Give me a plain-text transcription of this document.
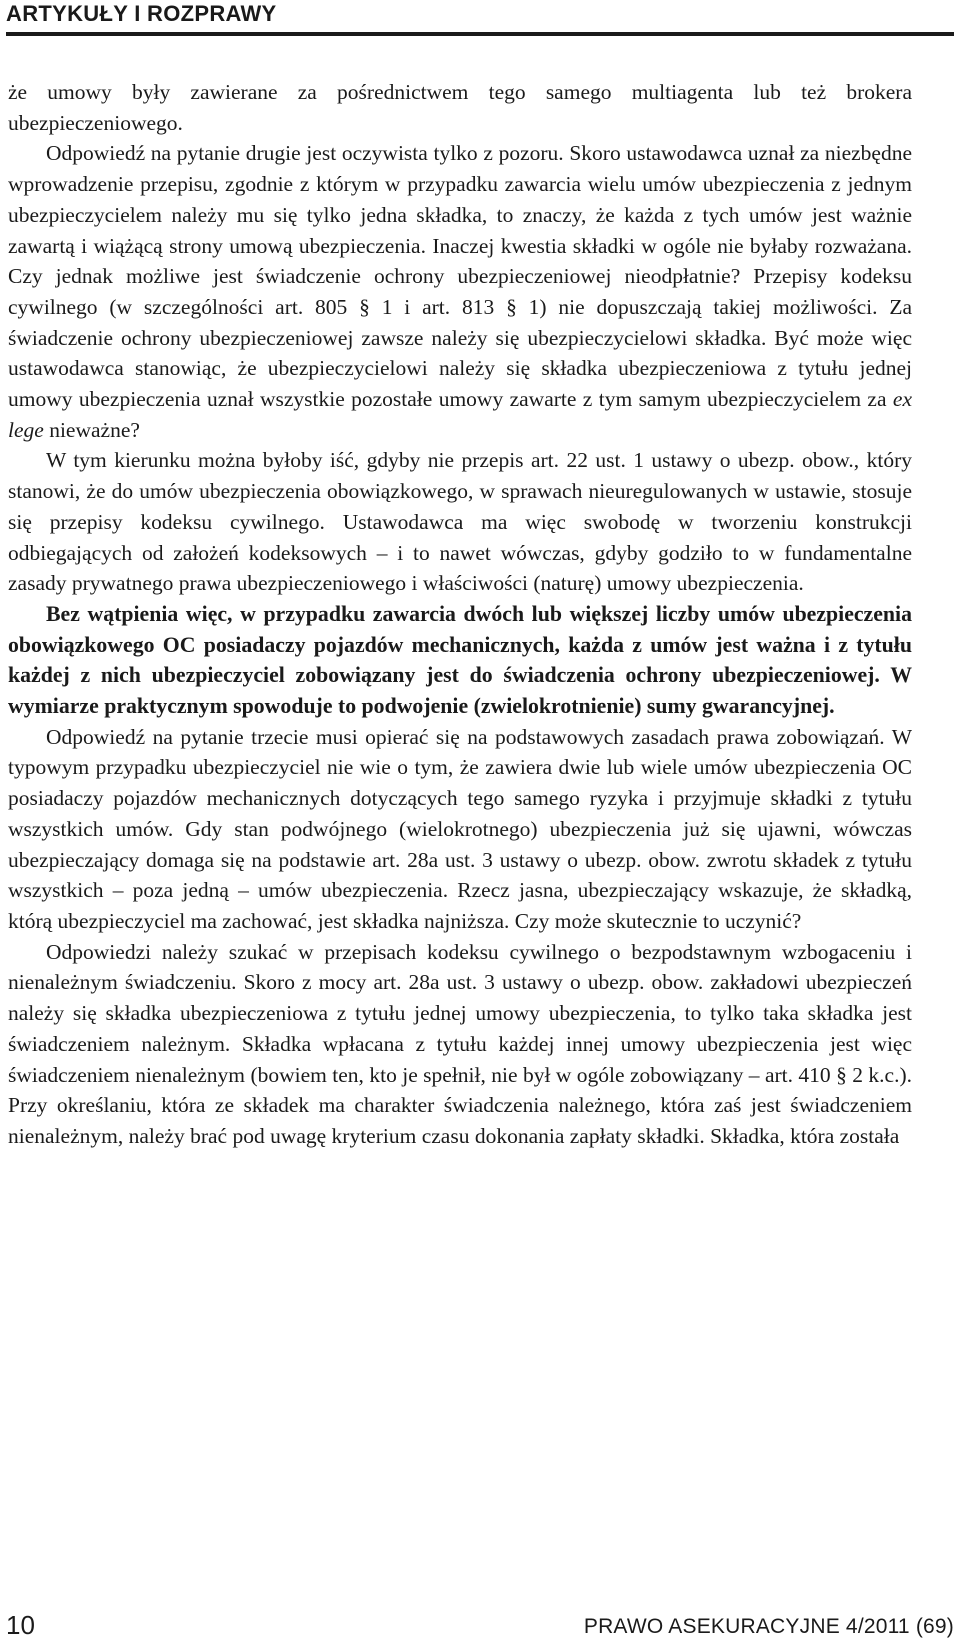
ARTYKUŁY I ROZPRAWY

że umowy były zawierane za pośrednictwem tego samego multiagenta lub też brokera ubezpieczeniowego.

Odpowiedź na pytanie drugie jest oczywista tylko z pozoru. Skoro ustawodawca uznał za niezbędne wprowadzenie przepisu, zgodnie z którym w przypadku zawarcia wielu umów ubezpieczenia z jednym ubezpieczycielem należy mu się tylko jedna składka, to znaczy, że każda z tych umów jest ważnie zawartą i wiążącą strony umową ubezpieczenia. Inaczej kwestia składki w ogóle nie byłaby rozważana. Czy jednak możliwe jest świadczenie ochrony ubezpieczeniowej nieodpłatnie? Przepisy kodeksu cywilnego (w szczególności art. 805 § 1 i art. 813 § 1) nie dopuszczają takiej możliwości. Za świadczenie ochrony ubezpieczeniowej zawsze należy się ubezpieczycielowi składka. Być może więc ustawodawca stanowiąc, że ubezpieczycielowi należy się składka ubezpieczeniowa z tytułu jednej umowy ubezpieczenia uznał wszystkie pozostałe umowy zawarte z tym samym ubezpieczycielem za ex lege nieważne?

W tym kierunku można byłoby iść, gdyby nie przepis art. 22 ust. 1 ustawy o ubezp. obow., który stanowi, że do umów ubezpieczenia obowiązkowego, w sprawach nieuregulowanych w ustawie, stosuje się przepisy kodeksu cywilnego. Ustawodawca ma więc swobodę w tworzeniu konstrukcji odbiegających od założeń kodeksowych – i to nawet wówczas, gdyby godziło to w fundamentalne zasady prywatnego prawa ubezpieczeniowego i właściwości (naturę) umowy ubezpieczenia.

Bez wątpienia więc, w przypadku zawarcia dwóch lub większej liczby umów ubezpieczenia obowiązkowego OC posiadaczy pojazdów mechanicznych, każda z umów jest ważna i z tytułu każdej z nich ubezpieczyciel zobowiązany jest do świadczenia ochrony ubezpieczeniowej. W wymiarze praktycznym spowoduje to podwojenie (zwielokrotnienie) sumy gwarancyjnej.

Odpowiedź na pytanie trzecie musi opierać się na podstawowych zasadach prawa zobowiązań. W typowym przypadku ubezpieczyciel nie wie o tym, że zawiera dwie lub wiele umów ubezpieczenia OC posiadaczy pojazdów mechanicznych dotyczących tego samego ryzyka i przyjmuje składki z tytułu wszystkich umów. Gdy stan podwójnego (wielokrotnego) ubezpieczenia już się ujawni, wówczas ubezpieczający domaga się na podstawie art. 28a ust. 3 ustawy o ubezp. obow. zwrotu składek z tytułu wszystkich – poza jedną – umów ubezpieczenia. Rzecz jasna, ubezpieczający wskazuje, że składką, którą ubezpieczyciel ma zachować, jest składka najniższa. Czy może skutecznie to uczynić?

Odpowiedzi należy szukać w przepisach kodeksu cywilnego o bezpodstawnym wzbogaceniu i nienależnym świadczeniu. Skoro z mocy art. 28a ust. 3 ustawy o ubezp. obow. zakładowi ubezpieczeń należy się składka ubezpieczeniowa z tytułu jednej umowy ubezpieczenia, to tylko taka składka jest świadczeniem należnym. Składka wpłacana z tytułu każdej innej umowy ubezpieczenia jest więc świadczeniem nienależnym (bowiem ten, kto je spełnił, nie był w ogóle zobowiązany – art. 410 § 2 k.c.). Przy określaniu, która ze składek ma charakter świadczenia należnego, która zaś jest świadczeniem nienależnym, należy brać pod uwagę kryterium czasu dokonania zapłaty składki. Składka, która została

10	PRAWO ASEKURACYJNE 4/2011 (69)
